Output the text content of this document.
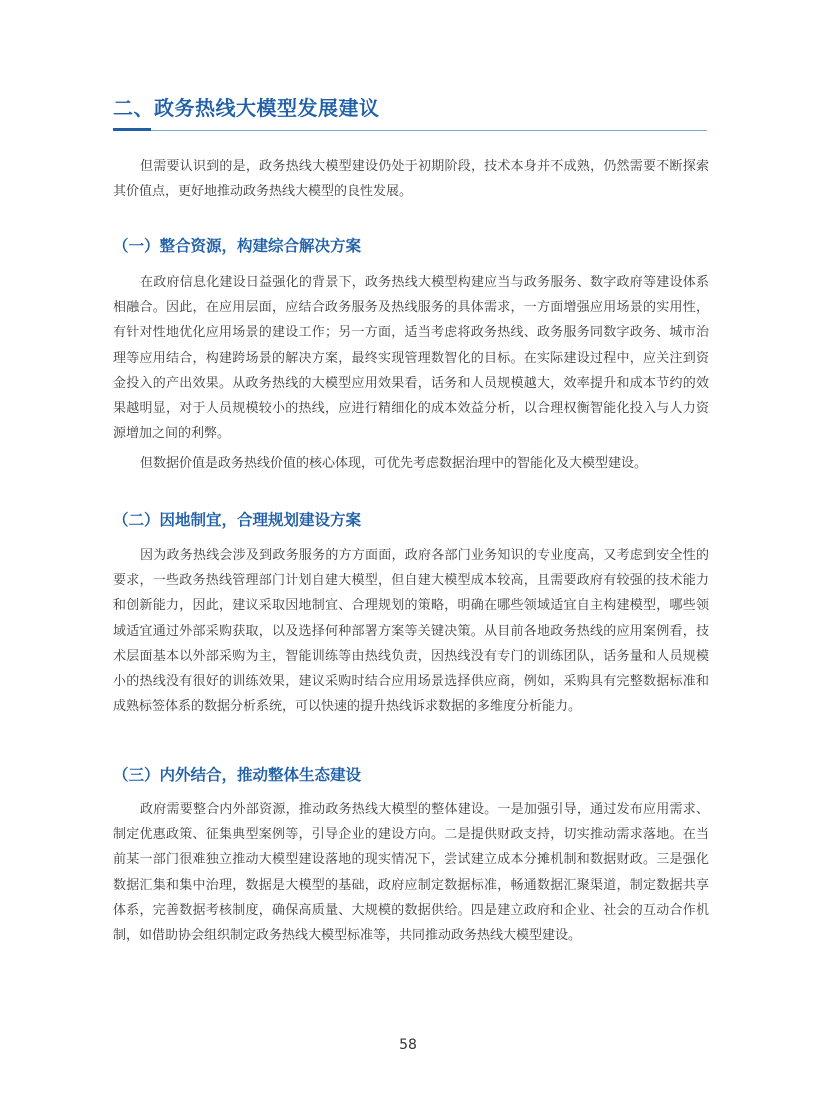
二、政务热线大模型发展建议

但需要认识到的是，政务热线大模型建设仍处于初期阶段，技术本身并不成熟，仍然需要不断探索其价值点，更好地推动政务热线大模型的良性发展。

（一）整合资源，构建综合解决方案

在政府信息化建设日益强化的背景下，政务热线大模型构建应当与政务服务、数字政府等建设体系相融合。因此，在应用层面，应结合政务服务及热线服务的具体需求，一方面增强应用场景的实用性，有针对性地优化应用场景的建设工作；另一方面，适当考虑将政务热线、政务服务同数字政务、城市治理等应用结合，构建跨场景的解决方案，最终实现管理数智化的目标。在实际建设过程中，应关注到资金投入的产出效果。从政务热线的大模型应用效果看，话务和人员规模越大，效率提升和成本节约的效果越明显，对于人员规模较小的热线，应进行精细化的成本效益分析，以合理权衡智能化投入与人力资源增加之间的利弊。

但数据价值是政务热线价值的核心体现，可优先考虑数据治理中的智能化及大模型建设。

（二）因地制宜，合理规划建设方案

因为政务热线会涉及到政务服务的方方面面，政府各部门业务知识的专业度高，又考虑到安全性的要求，一些政务热线管理部门计划自建大模型，但自建大模型成本较高，且需要政府有较强的技术能力和创新能力，因此，建议采取因地制宜、合理规划的策略，明确在哪些领域适宜自主构建模型，哪些领域适宜通过外部采购获取，以及选择何种部署方案等关键决策。从目前各地政务热线的应用案例看，技术层面基本以外部采购为主，智能训练等由热线负责，因热线没有专门的训练团队，话务量和人员规模小的热线没有很好的训练效果，建议采购时结合应用场景选择供应商，例如，采购具有完整数据标准和成熟标签体系的数据分析系统，可以快速的提升热线诉求数据的多维度分析能力。

（三）内外结合，推动整体生态建设

政府需要整合内外部资源，推动政务热线大模型的整体建设。一是加强引导，通过发布应用需求、制定优惠政策、征集典型案例等，引导企业的建设方向。二是提供财政支持，切实推动需求落地。在当前某一部门很难独立推动大模型建设落地的现实情况下，尝试建立成本分摊机制和数据财政。三是强化数据汇集和集中治理，数据是大模型的基础，政府应制定数据标准，畅通数据汇聚渠道，制定数据共享体系，完善数据考核制度，确保高质量、大规模的数据供给。四是建立政府和企业、社会的互动合作机制，如借助协会组织制定政务热线大模型标准等，共同推动政务热线大模型建设。

58
